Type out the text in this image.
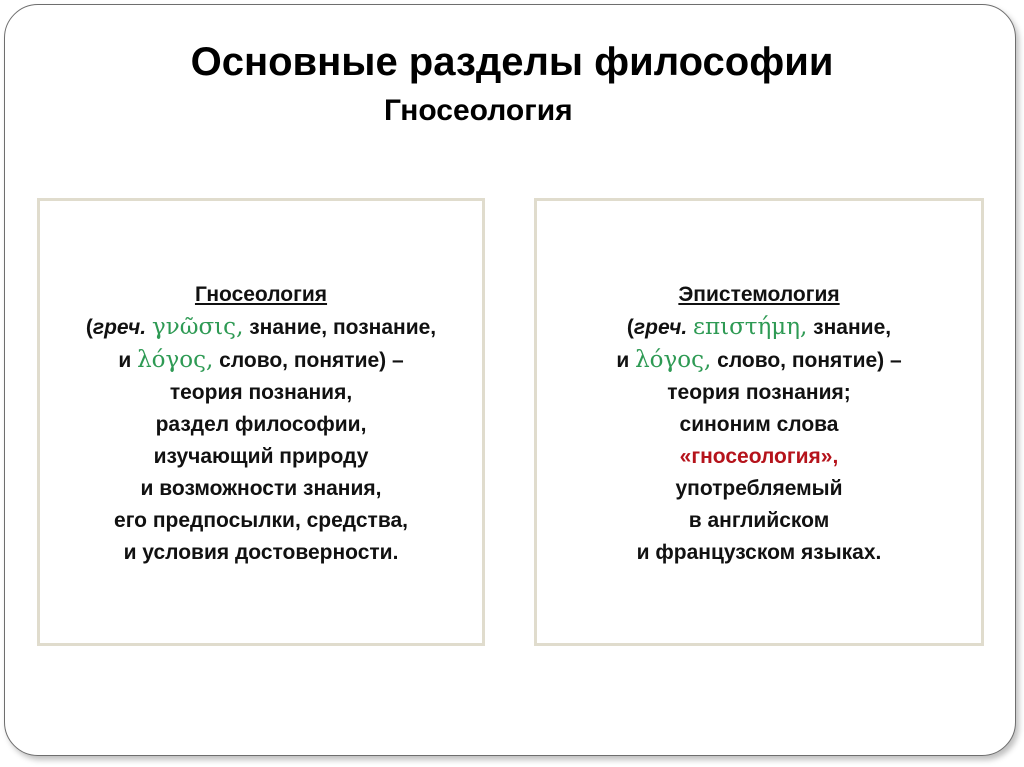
Основные разделы философии
Гносеология
Гносеология
(греч. γνῶσις, знание, познание,
и λόγος, слово, понятие) –
теория познания,
раздел философии,
изучающий природу
и возможности знания,
его предпосылки, средства,
и условия достоверности.
Эпистемология
(греч. επιστήμη, знание,
и λόγος, слово, понятие) –
теория познания;
синоним слова
«гносеология»,
употребляемый
в английском
и французском языках.
